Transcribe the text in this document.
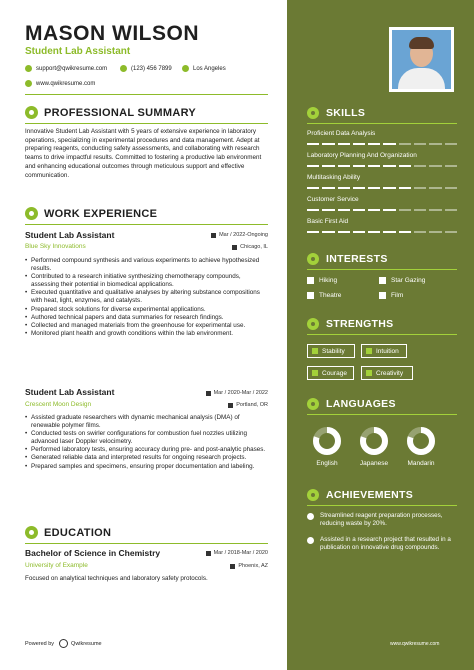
MASON WILSON
Student Lab Assistant
support@qwikresume.com	(123) 456 7899	Los Angeles
www.qwikresume.com
PROFESSIONAL SUMMARY
Innovative Student Lab Assistant with 5 years of extensive experience in laboratory operations, specializing in experimental procedures and data management. Adept at preparing reagents, conducting safety assessments, and collaborating with research teams to drive impactful results. Committed to fostering a productive lab environment and enhancing educational outcomes through meticulous support and effective communication.
WORK EXPERIENCE
Student Lab Assistant	Mar / 2022-Ongoing
Blue Sky Innovations	Chicago, IL
• Performed compound synthesis and various experiments to achieve hypothesized results.
• Contributed to a research initiative synthesizing chemotherapy compounds, assessing their potential in biomedical applications.
• Executed quantitative and qualitative analyses by altering substance compositions with heat, light, enzymes, and catalysts.
• Prepared stock solutions for diverse experimental applications.
• Authored technical papers and data summaries for research findings.
• Collected and managed materials from the greenhouse for experimental use.
• Monitored plant health and growth conditions within the lab environment.
Student Lab Assistant	Mar / 2020-Mar / 2022
Crescent Moon Design	Portland, OR
• Assisted graduate researchers with dynamic mechanical analysis (DMA) of renewable polymer films.
• Conducted tests on swirler configurations for combustion fuel nozzles utilizing advanced laser Doppler velocimetry.
• Performed laboratory tests, ensuring accuracy during pre- and post-analytic phases.
• Generated reliable data and interpreted results for ongoing research projects.
• Prepared samples and specimens, ensuring proper documentation and labeling.
EDUCATION
Bachelor of Science in Chemistry	Mar / 2018-Mar / 2020
University of Example	Phoenix, AZ
Focused on analytical techniques and laboratory safety protocols.
Powered by	Qwikresume
SKILLS
Proficient Data Analysis
Laboratory Planning And Organization
Multitasking Ability
Customer Service
Basic First Aid
INTERESTS
Hiking	Star Gazing
Theatre	Film
STRENGTHS
Stability	Intuition
Courage	Creativity
LANGUAGES
English	Japanese	Mandarin
ACHIEVEMENTS
Streamlined reagent preparation processes, reducing waste by 20%.
Assisted in a research project that resulted in a publication on innovative drug compounds.
www.qwikresume.com
